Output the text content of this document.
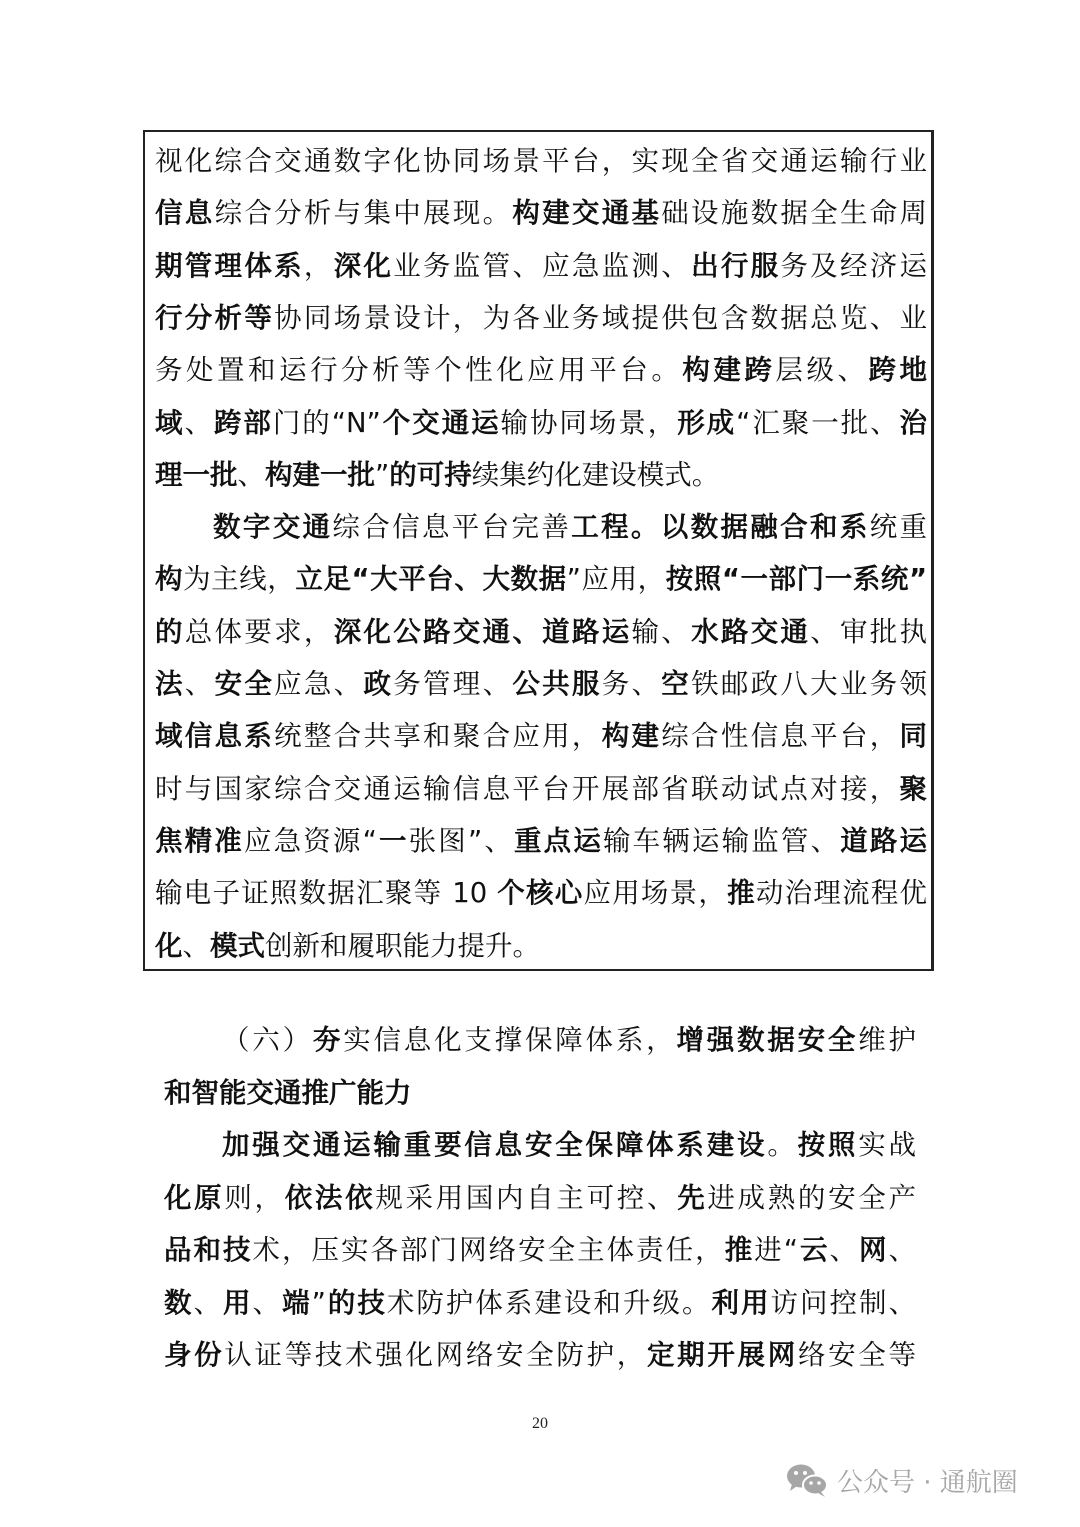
视化综合交通数字化协同场景平台，实现全省交通运输行业
信息综合分析与集中展现。构建交通基础设施数据全生命周
期管理体系，深化业务监管、应急监测、出行服务及经济运
行分析等协同场景设计，为各业务域提供包含数据总览、业
务处置和运行分析等个性化应用平台。构建跨层级、跨地
域、跨部门的“N”个交通运输协同场景，形成“汇聚一批、治
理一批、构建一批”的可持续集约化建设模式。
数字交通综合信息平台完善工程。以数据融合和系统重
构为主线，立足“大平台、大数据”应用，按照“一部门一系统”
的总体要求，深化公路交通、道路运输、水路交通、审批执
法、安全应急、政务管理、公共服务、空铁邮政八大业务领
域信息系统整合共享和聚合应用，构建综合性信息平台，同
时与国家综合交通运输信息平台开展部省联动试点对接，聚
焦精准应急资源“一张图”、重点运输车辆运输监管、道路运
输电子证照数据汇聚等 10 个核心应用场景，推动治理流程优
化、模式创新和履职能力提升。
（六）夯实信息化支撑保障体系，增强数据安全维护
和智能交通推广能力
加强交通运输重要信息安全保障体系建设。按照实战
化原则，依法依规采用国内自主可控、先进成熟的安全产
品和技术，压实各部门网络安全主体责任，推进“云、网、
数、用、端”的技术防护体系建设和升级。利用访问控制、
身份认证等技术强化网络安全防护，定期开展网络安全等
20
公众号 · 通航圈
